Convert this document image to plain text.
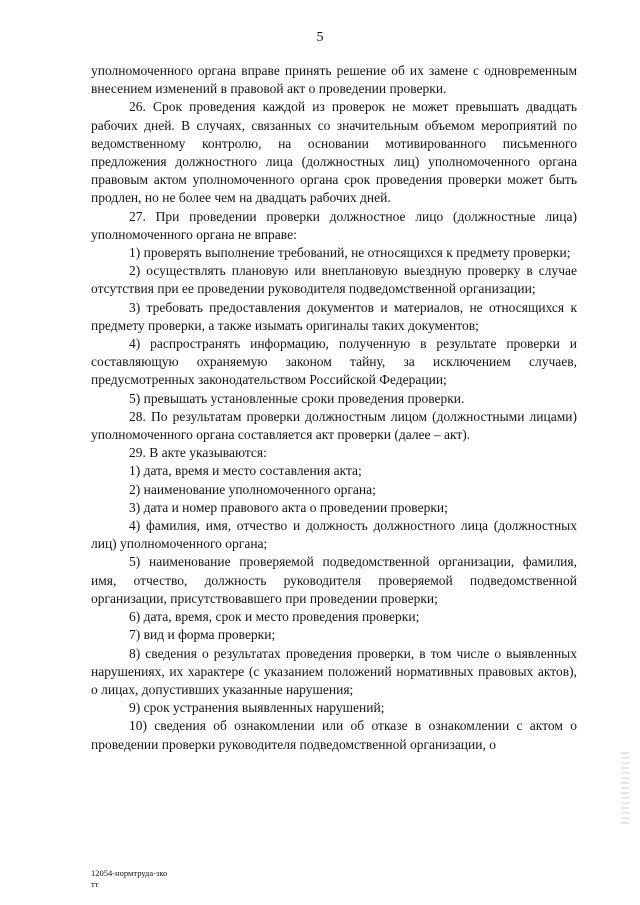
5

уполномоченного органа вправе принять решение об их замене с одновременным внесением изменений в правовой акт о проведении проверки.

26. Срок проведения каждой из проверок не может превышать двадцать рабочих дней. В случаях, связанных со значительным объемом мероприятий по ведомственному контролю, на основании мотивированного письменного предложения должностного лица (должностных лиц) уполномоченного органа правовым актом уполномоченного органа срок проведения проверки может быть продлен, но не более чем на двадцать рабочих дней.

27. При проведении проверки должностное лицо (должностные лица) уполномоченного органа не вправе:

1) проверять выполнение требований, не относящихся к предмету проверки;

2) осуществлять плановую или внеплановую выездную проверку в случае отсутствия при ее проведении руководителя подведомственной организации;

3) требовать предоставления документов и материалов, не относящихся к предмету проверки, а также изымать оригиналы таких документов;

4) распространять информацию, полученную в результате проверки и составляющую охраняемую законом тайну, за исключением случаев, предусмотренных законодательством Российской Федерации;

5) превышать установленные сроки проведения проверки.

28. По результатам проверки должностным лицом (должностными лицами) уполномоченного органа составляется акт проверки (далее – акт).

29. В акте указываются:

1) дата, время и место составления акта;

2) наименование уполномоченного органа;

3) дата и номер правового акта о проведении проверки;

4) фамилия, имя, отчество и должность должностного лица (должностных лиц) уполномоченного органа;

5) наименование проверяемой подведомственной организации, фамилия, имя, отчество, должность руководителя проверяемой подведомственной организации, присутствовавшего при проведении проверки;

6) дата, время, срок и место проведения проверки;

7) вид и форма проверки;

8) сведения о результатах проведения проверки, в том числе о выявленных нарушениях, их характере (с указанием положений нормативных правовых актов), о лицах, допустивших указанные нарушения;

9) срок устранения выявленных нарушений;

10) сведения об ознакомлении или об отказе в ознакомлении с актом о проведении проверки руководителя подведомственной организации, о

12054-нормтруда-зко
тт
